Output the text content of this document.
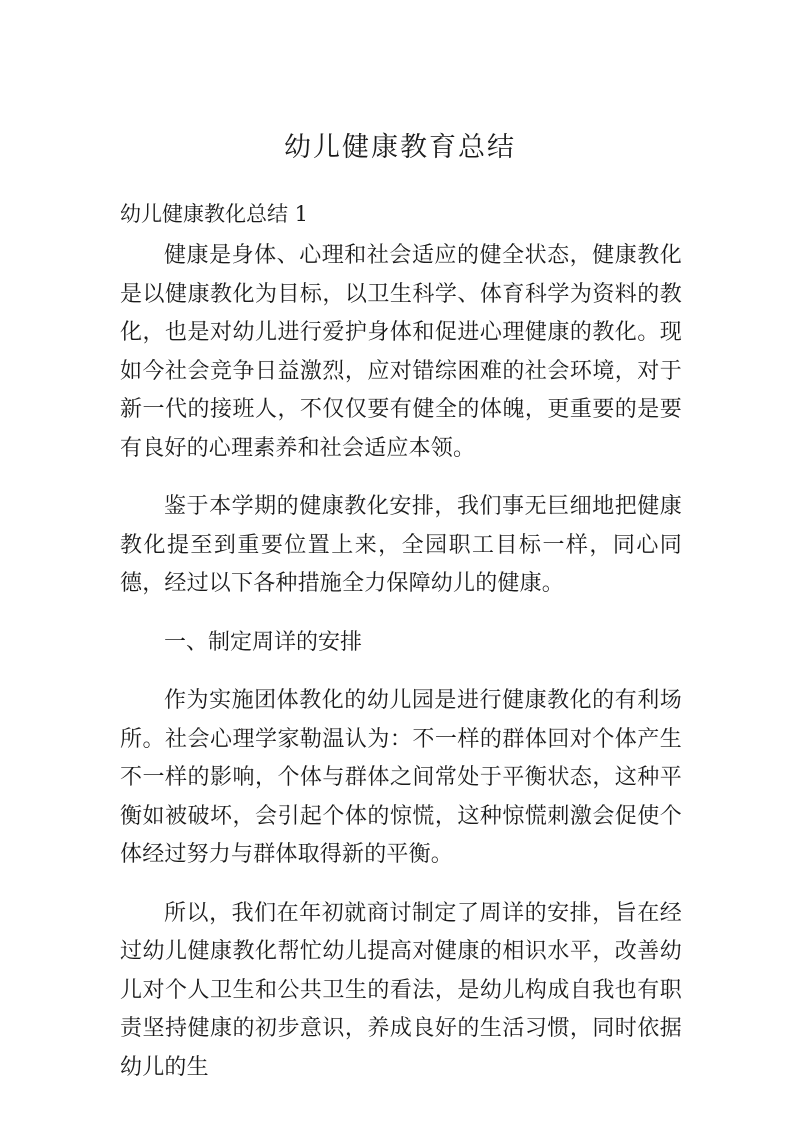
幼儿健康教育总结
幼儿健康教化总结 1

健康是身体、心理和社会适应的健全状态，健康教化是以健康教化为目标，以卫生科学、体育科学为资料的教化，也是对幼儿进行爱护身体和促进心理健康的教化。现如今社会竞争日益激烈，应对错综困难的社会环境，对于新一代的接班人，不仅仅要有健全的体魄，更重要的是要有良好的心理素养和社会适应本领。

鉴于本学期的健康教化安排，我们事无巨细地把健康教化提至到重要位置上来，全园职工目标一样，同心同德，经过以下各种措施全力保障幼儿的健康。

一、制定周详的安排

作为实施团体教化的幼儿园是进行健康教化的有利场所。社会心理学家勒温认为：不一样的群体回对个体产生不一样的影响，个体与群体之间常处于平衡状态，这种平衡如被破坏，会引起个体的惊慌，这种惊慌刺激会促使个体经过努力与群体取得新的平衡。

所以，我们在年初就商讨制定了周详的安排，旨在经过幼儿健康教化帮忙幼儿提高对健康的相识水平，改善幼儿对个人卫生和公共卫生的看法，是幼儿构成自我也有职责坚持健康的初步意识，养成良好的生活习惯，同时依据幼儿的生
